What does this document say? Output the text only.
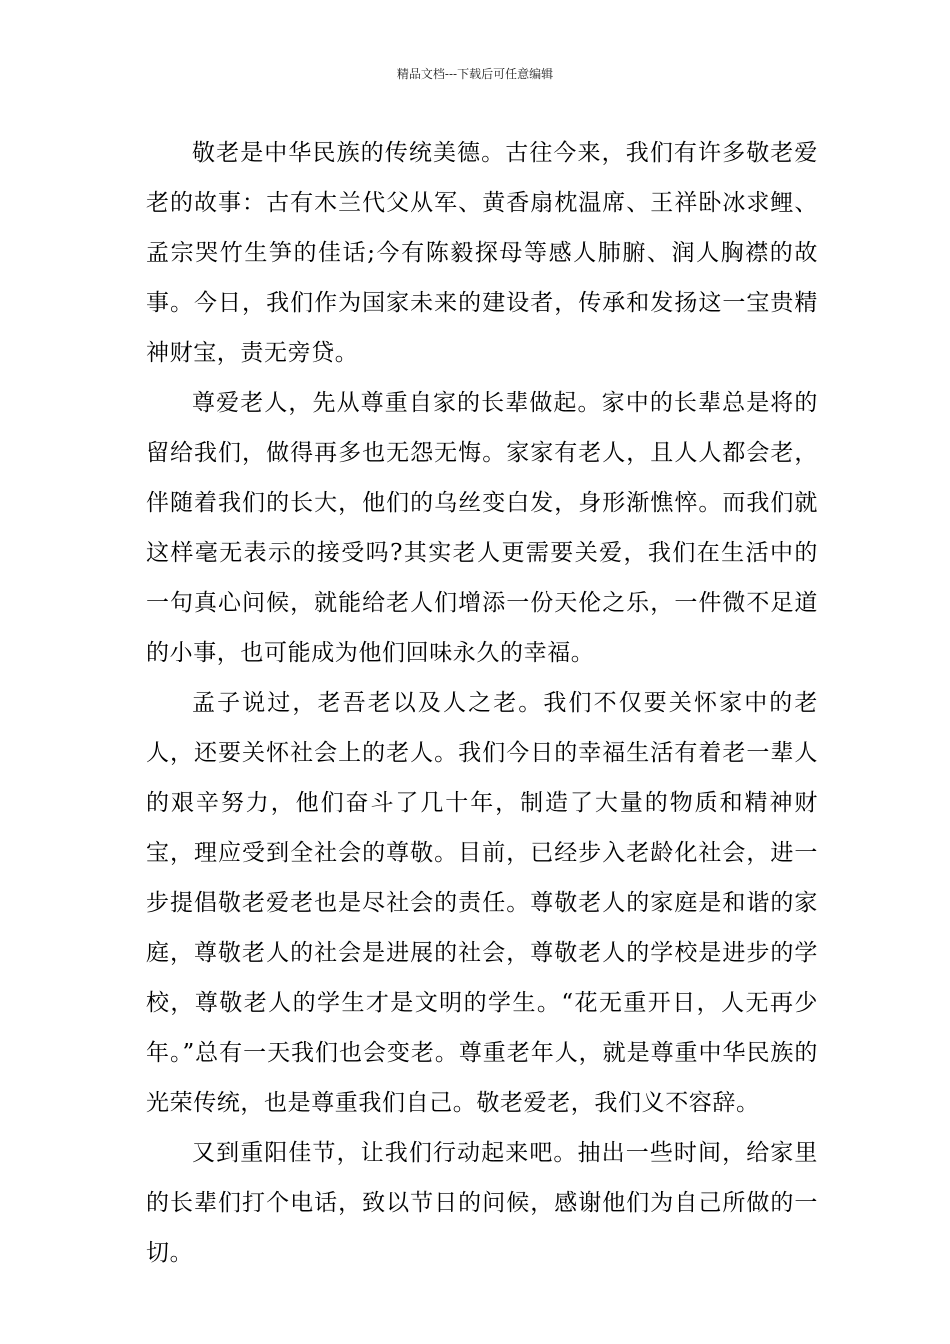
精品文档---下载后可任意编辑

敬老是中华民族的传统美德。古往今来，我们有许多敬老爱老的故事：古有木兰代父从军、黄香扇枕温席、王祥卧冰求鲤、孟宗哭竹生笋的佳话;今有陈毅探母等感人肺腑、润人胸襟的故事。今日，我们作为国家未来的建设者，传承和发扬这一宝贵精神财宝，责无旁贷。

尊爱老人，先从尊重自家的长辈做起。家中的长辈总是将的留给我们，做得再多也无怨无悔。家家有老人，且人人都会老，伴随着我们的长大，他们的乌丝变白发，身形渐憔悴。而我们就这样毫无表示的接受吗?其实老人更需要关爱，我们在生活中的一句真心问候，就能给老人们增添一份天伦之乐，一件微不足道的小事，也可能成为他们回味永久的幸福。

孟子说过，老吾老以及人之老。我们不仅要关怀家中的老人，还要关怀社会上的老人。我们今日的幸福生活有着老一辈人的艰辛努力，他们奋斗了几十年，制造了大量的物质和精神财宝，理应受到全社会的尊敬。目前，已经步入老龄化社会，进一步提倡敬老爱老也是尽社会的责任。尊敬老人的家庭是和谐的家庭，尊敬老人的社会是进展的社会，尊敬老人的学校是进步的学校，尊敬老人的学生才是文明的学生。“花无重开日，人无再少年。”总有一天我们也会变老。尊重老年人，就是尊重中华民族的光荣传统，也是尊重我们自己。敬老爱老，我们义不容辞。

又到重阳佳节，让我们行动起来吧。抽出一些时间，给家里的长辈们打个电话，致以节日的问候，感谢他们为自己所做的一切。
